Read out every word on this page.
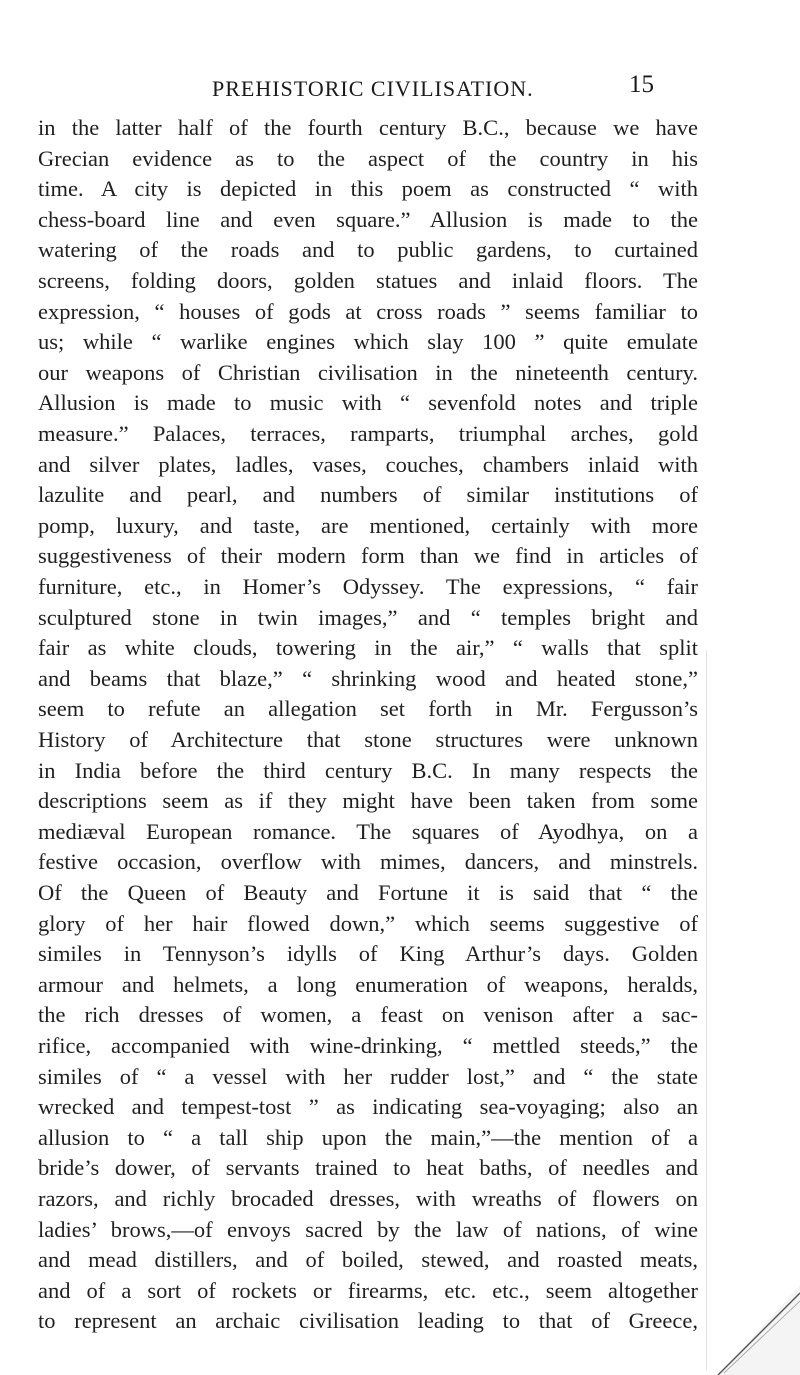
PREHISTORIC CIVILISATION.	15
in the latter half of the fourth century B.C., because we have
Grecian evidence as to the aspect of the country in his
time. A city is depicted in this poem as constructed “ with
chess-board line and even square.” Allusion is made to the
watering of the roads and to public gardens, to curtained
screens, folding doors, golden statues and inlaid floors. The
expression, “ houses of gods at cross roads ” seems familiar to
us; while “ warlike engines which slay 100 ” quite emulate
our weapons of Christian civilisation in the nineteenth century.
Allusion is made to music with “ sevenfold notes and triple
measure.” Palaces, terraces, ramparts, triumphal arches, gold
and silver plates, ladles, vases, couches, chambers inlaid with
lazulite and pearl, and numbers of similar institutions of
pomp, luxury, and taste, are mentioned, certainly with more
suggestiveness of their modern form than we find in articles of
furniture, etc., in Homer’s Odyssey. The expressions, “ fair
sculptured stone in twin images,” and “ temples bright and
fair as white clouds, towering in the air,” “ walls that split
and beams that blaze,” “ shrinking wood and heated stone,”
seem to refute an allegation set forth in Mr. Fergusson’s
History of Architecture that stone structures were unknown
in India before the third century B.C. In many respects the
descriptions seem as if they might have been taken from some
mediæval European romance. The squares of Ayodhya, on a
festive occasion, overflow with mimes, dancers, and minstrels.
Of the Queen of Beauty and Fortune it is said that “ the
glory of her hair flowed down,” which seems suggestive of
similes in Tennyson’s idylls of King Arthur’s days. Golden
armour and helmets, a long enumeration of weapons, heralds,
the rich dresses of women, a feast on venison after a sac-
rifice, accompanied with wine-drinking, “ mettled steeds,” the
similes of “ a vessel with her rudder lost,” and “ the state
wrecked and tempest-tost ” as indicating sea-voyaging; also an
allusion to “ a tall ship upon the main,”—the mention of a
bride’s dower, of servants trained to heat baths, of needles and
razors, and richly brocaded dresses, with wreaths of flowers on
ladies’ brows,—of envoys sacred by the law of nations, of wine
and mead distillers, and of boiled, stewed, and roasted meats,
and of a sort of rockets or firearms, etc. etc., seem altogether
to represent an archaic civilisation leading to that of Greece,
